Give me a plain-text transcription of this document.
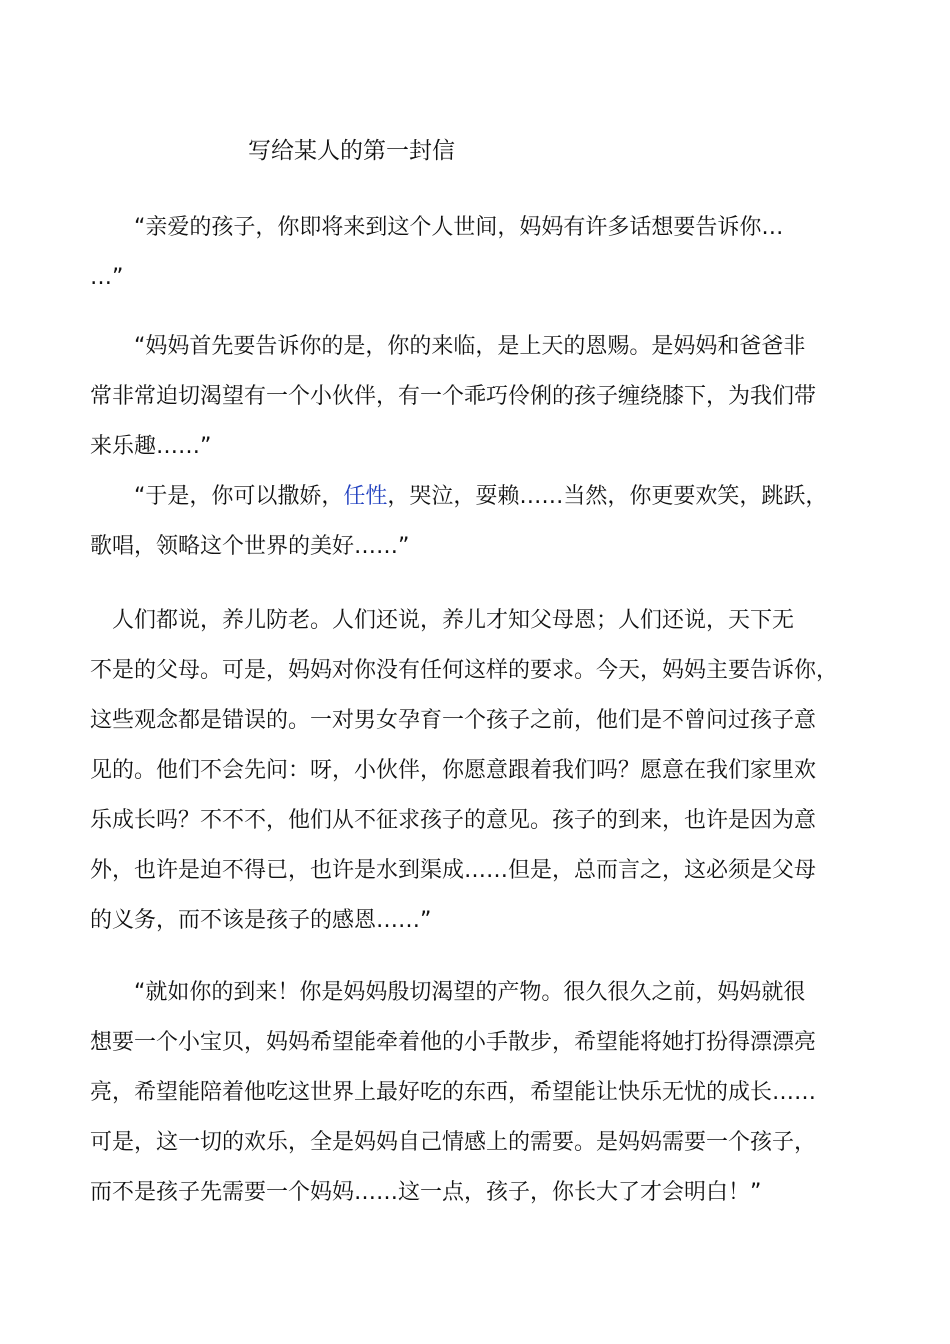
写给某人的第一封信
　　“亲爱的孩子，你即将来到这个人世间，妈妈有许多话想要告诉你…
…”
　　“妈妈首先要告诉你的是，你的来临，是上天的恩赐。是妈妈和爸爸非
常非常迫切渴望有一个小伙伴，有一个乖巧伶俐的孩子缠绕膝下，为我们带
来乐趣……”
　　“于是，你可以撒娇，任性，哭泣，耍赖……当然，你更要欢笑，跳跃，
歌唱，领略这个世界的美好……”
　人们都说，养儿防老。人们还说，养儿才知父母恩；人们还说，天下无
不是的父母。可是，妈妈对你没有任何这样的要求。今天，妈妈主要告诉你，
这些观念都是错误的。一对男女孕育一个孩子之前，他们是不曾问过孩子意
见的。他们不会先问：呀，小伙伴，你愿意跟着我们吗？愿意在我们家里欢
乐成长吗？不不不，他们从不征求孩子的意见。孩子的到来，也许是因为意
外，也许是迫不得已，也许是水到渠成……但是，总而言之，这必须是父母
的义务，而不该是孩子的感恩……”
　　“就如你的到来！你是妈妈殷切渴望的产物。很久很久之前，妈妈就很
想要一个小宝贝，妈妈希望能牵着他的小手散步，希望能将她打扮得漂漂亮
亮，希望能陪着他吃这世界上最好吃的东西，希望能让快乐无忧的成长……
可是，这一切的欢乐，全是妈妈自己情感上的需要。是妈妈需要一个孩子，
而不是孩子先需要一个妈妈……这一点，孩子，你长大了才会明白！”
